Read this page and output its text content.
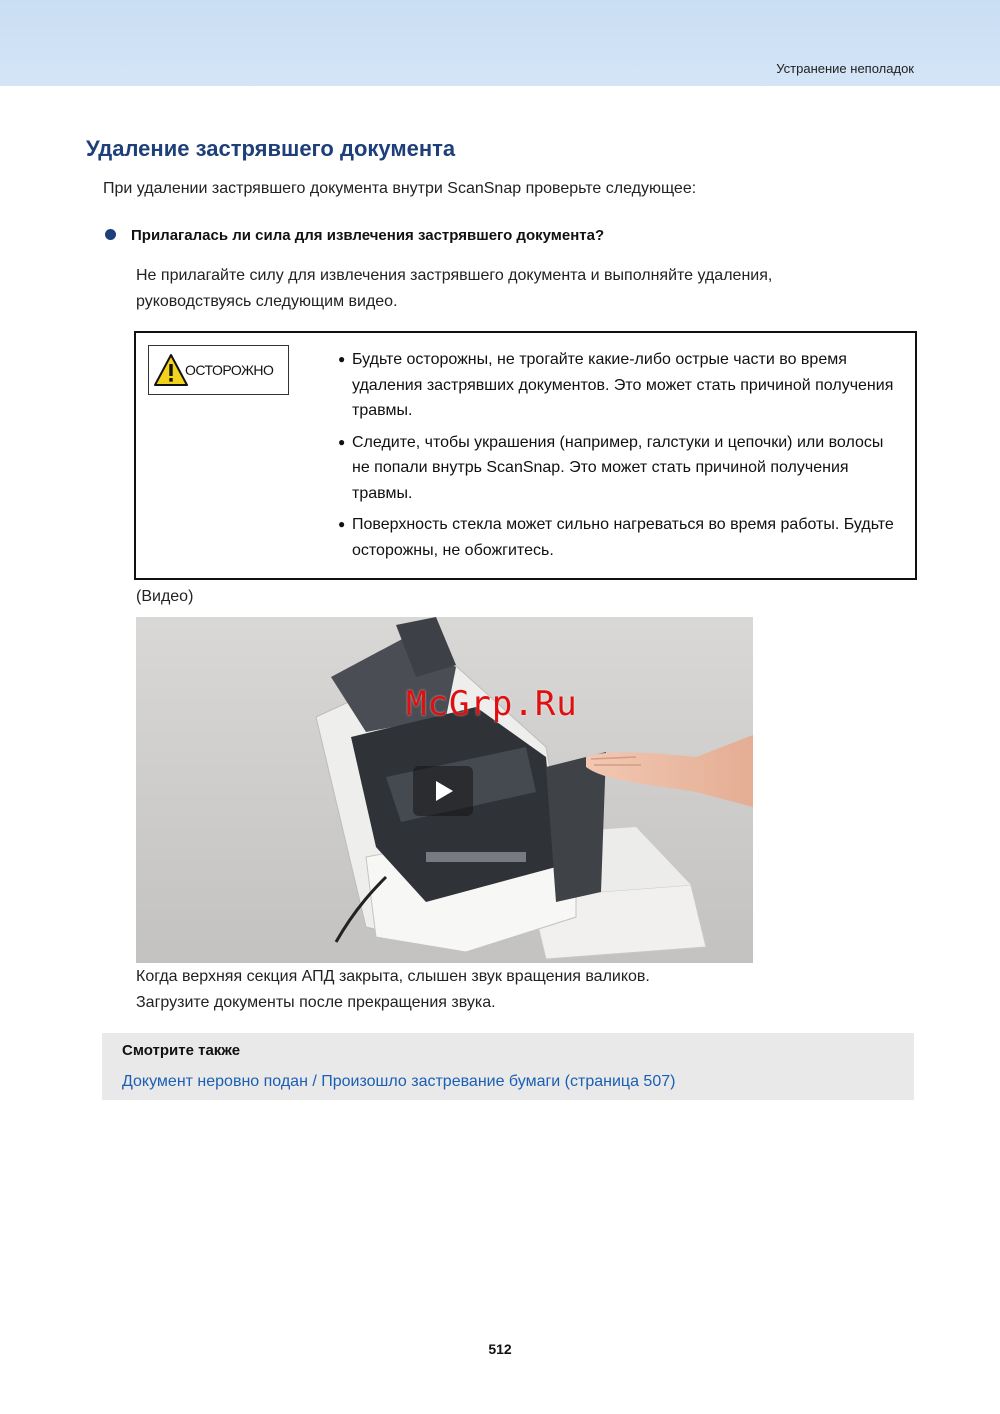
Устранение неполадок
Удаление застрявшего документа
При удалении застрявшего документа внутри ScanSnap проверьте следующее:
Прилагалась ли сила для извлечения застрявшего документа?
Не прилагайте силу для извлечения застрявшего документа и выполняйте удаления, руководствуясь следующим видео.
ОСТОРОЖНО
● Будьте осторожны, не трогайте какие-либо острые части во время удаления застрявших документов. Это может стать причиной получения травмы.
● Следите, чтобы украшения (например, галстуки и цепочки) или волосы не попали внутрь ScanSnap. Это может стать причиной получения травмы.
● Поверхность стекла может сильно нагреваться во время работы. Будьте осторожны, не обожгитесь.
(Видео)
McGrp.Ru
Когда верхняя секция АПД закрыта, слышен звук вращения валиков.
Загрузите документы после прекращения звука.
Смотрите также
Документ неровно подан / Произошло застревание бумаги (страница 507)
512
